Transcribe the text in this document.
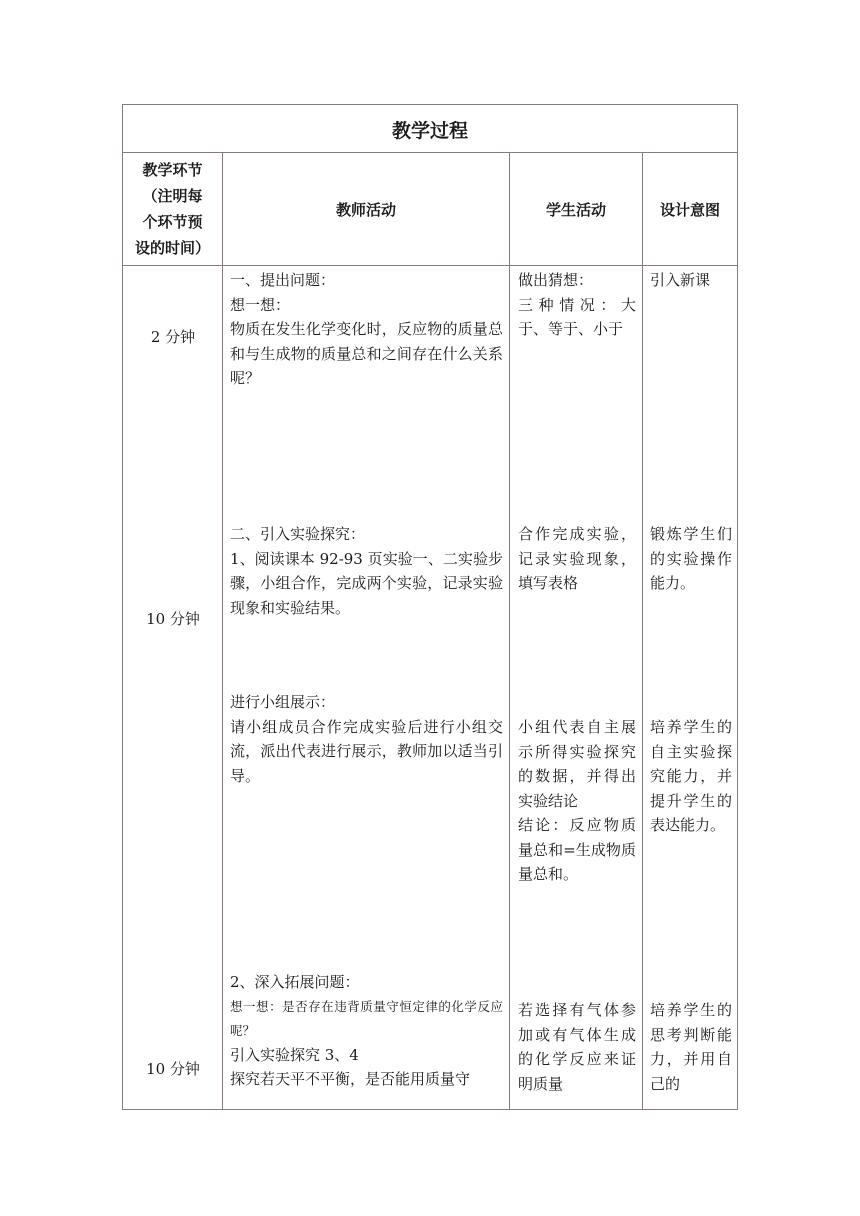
教学过程
教学环节
（注明每
个环节预
设的时间）
教师活动	学生活动	设计意图
2 分钟

一、提出问题：

想一想：

物质在发生化学变化时，反应物的质量总和与生成物的质量总和之间存在什么关系呢？

做出猜想：

三种情况：大于、等于、小于

引入新课
10 分钟

二、引入实验探究：

1、阅读课本 92-93 页实验一、二实验步骤，小组合作，完成两个实验，记录实验现象和实验结果。

合作完成实验，记录实验现象，填写表格
锻炼学生们的实验操作能力。

进行小组展示：

请小组成员合作完成实验后进行小组交流，派出代表进行展示，教师加以适当引导。

小组代表自主展示所得实验探究的数据，并得出实验结论

结论：反应物质量总和=生成物质量总和。

培养学生的自主实验探究能力，并提升学生的表达能力。
10 分钟

2、深入拓展问题：

想一想：是否存在违背质量守恒定律的化学反应呢？

引入实验探究 3、4

探究若天平不平衡，是否能用质量守

若选择有气体参加或有气体生成的化学反应来证明质量
培养学生的思考判断能力，并用自己的
